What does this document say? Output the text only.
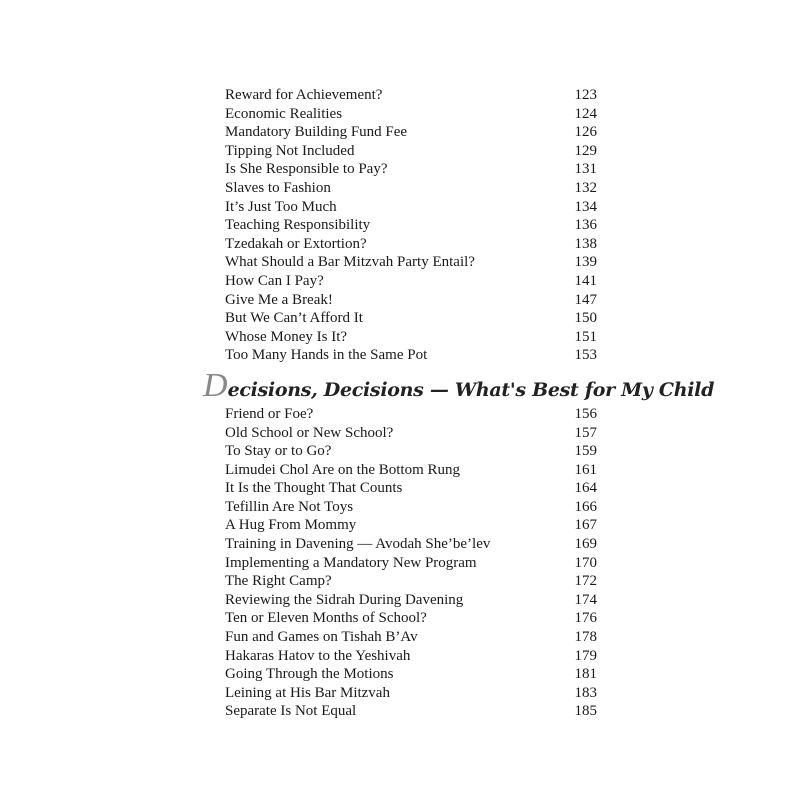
Reward for Achievement?	123
Economic Realities	124
Mandatory Building Fund Fee	126
Tipping Not Included	129
Is She Responsible to Pay?	131
Slaves to Fashion	132
It’s Just Too Much	134
Teaching Responsibility	136
Tzedakah or Extortion?	138
What Should a Bar Mitzvah Party Entail?	139
How Can I Pay?	141
Give Me a Break!	147
But We Can’t Afford It	150
Whose Money Is It?	151
Too Many Hands in the Same Pot	153
Decisions, Decisions — What's Best for My Child
Friend or Foe?	156
Old School or New School?	157
To Stay or to Go?	159
Limudei Chol Are on the Bottom Rung	161
It Is the Thought That Counts	164
Tefillin Are Not Toys	166
A Hug From Mommy	167
Training in Davening — Avodah She’be’lev	169
Implementing a Mandatory New Program	170
The Right Camp?	172
Reviewing the Sidrah During Davening	174
Ten or Eleven Months of School?	176
Fun and Games on Tishah B’Av	178
Hakaras Hatov to the Yeshivah	179
Going Through the Motions	181
Leining at His Bar Mitzvah	183
Separate Is Not Equal	185
